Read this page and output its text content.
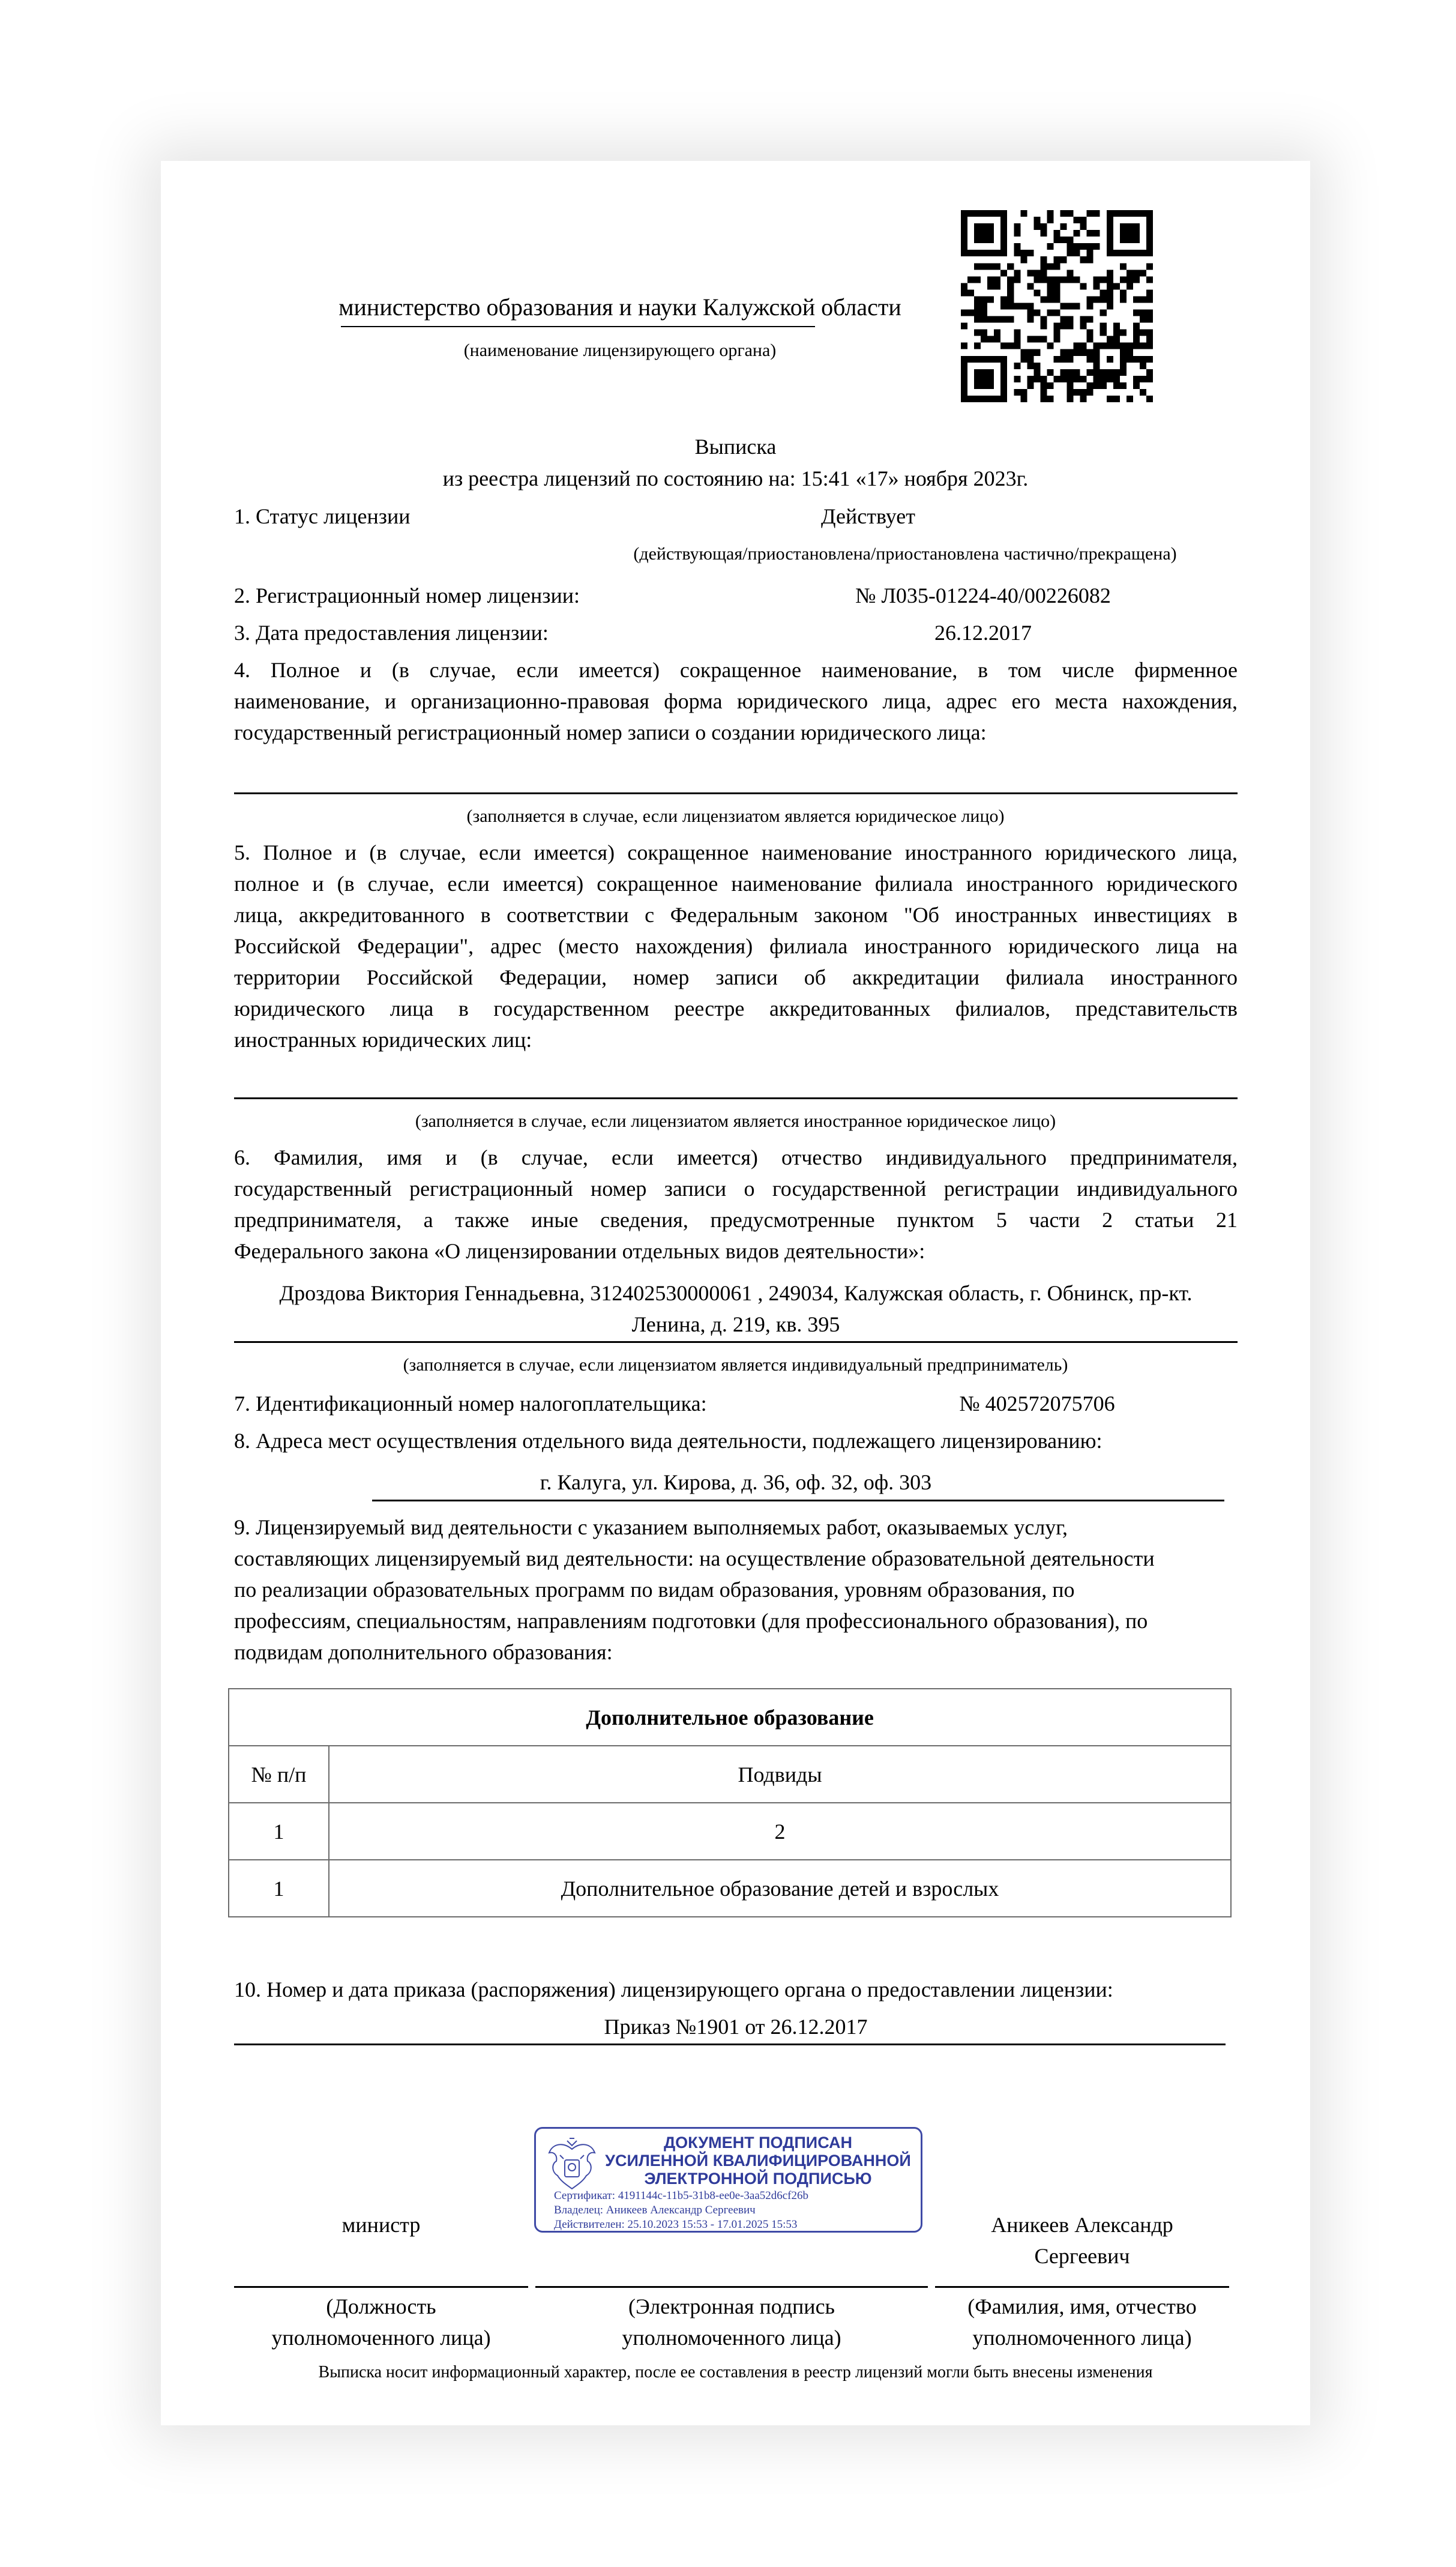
министерство образования и науки Калужской области
(наименование лицензирующего органа)
Выписка
из реестра лицензий по состоянию на: 15:41 «17» ноября 2023г.
1. Статус лицензии	Действует
(действующая/приостановлена/приостановлена частично/прекращена)
2. Регистрационный номер лицензии:	№ Л035-01224-40/00226082
3. Дата предоставления лицензии:	26.12.2017
4. Полное и (в случае, если имеется) сокращенное наименование, в том числе фирменное
наименование, и организационно-правовая форма юридического лица, адрес его места нахождения,
государственный регистрационный номер записи о создании юридического лица:
(заполняется в случае, если лицензиатом является юридическое лицо)
5. Полное и (в случае, если имеется) сокращенное наименование иностранного юридического лица,
полное и (в случае, если имеется) сокращенное наименование филиала иностранного юридического
лица, аккредитованного в соответствии с Федеральным законом "Об иностранных инвестициях в
Российской Федерации", адрес (место нахождения) филиала иностранного юридического лица на
территории Российской Федерации, номер записи об аккредитации филиала иностранного
юридического лица в государственном реестре аккредитованных филиалов, представительств
иностранных юридических лиц:
(заполняется в случае, если лицензиатом является иностранное юридическое лицо)
6. Фамилия, имя и (в случае, если имеется) отчество индивидуального предпринимателя,
государственный регистрационный номер записи о государственной регистрации индивидуального
предпринимателя, а также иные сведения, предусмотренные пунктом 5 части 2 статьи 21
Федерального закона «О лицензировании отдельных видов деятельности»:
Дроздова Виктория Геннадьевна, 312402530000061 , 249034, Калужская область, г. Обнинск, пр-кт.
Ленина, д. 219, кв. 395
(заполняется в случае, если лицензиатом является индивидуальный предприниматель)
7. Идентификационный номер налогоплательщика:	№ 402572075706
8. Адреса мест осуществления отдельного вида деятельности, подлежащего лицензированию:
г. Калуга, ул. Кирова, д. 36, оф. 32, оф. 303
9. Лицензируемый вид деятельности с указанием выполняемых работ, оказываемых услуг,
составляющих лицензируемый вид деятельности: на осуществление образовательной деятельности
по реализации образовательных программ по видам образования, уровням образования, по
профессиям, специальностям, направлениям подготовки (для профессионального образования), по
подвидам дополнительного образования:
Дополнительное образование	
№ п/п	Подвиды
1	2
1	Дополнительное образование детей и взрослых
10. Номер и дата приказа (распоряжения) лицензирующего органа о предоставлении лицензии:
Приказ №1901 от 26.12.2017
ДОКУМЕНТ ПОДПИСАН
УСИЛЕННОЙ КВАЛИФИЦИРОВАННОЙ
ЭЛЕКТРОННОЙ ПОДПИСЬЮ
Сертификат: 4191144c-11b5-31b8-ee0e-3aa52d6cf26b
Владелец: Аникеев Александр Сергеевич
Действителен: 25.10.2023 15:53 - 17.01.2025 15:53
министр	Аникеев Александр
Сергеевич
(Должность
уполномоченного лица)
(Электронная подпись
уполномоченного лица)
(Фамилия, имя, отчество
уполномоченного лица)
Выписка носит информационный характер, после ее составления в реестр лицензий могли быть внесены изменения
